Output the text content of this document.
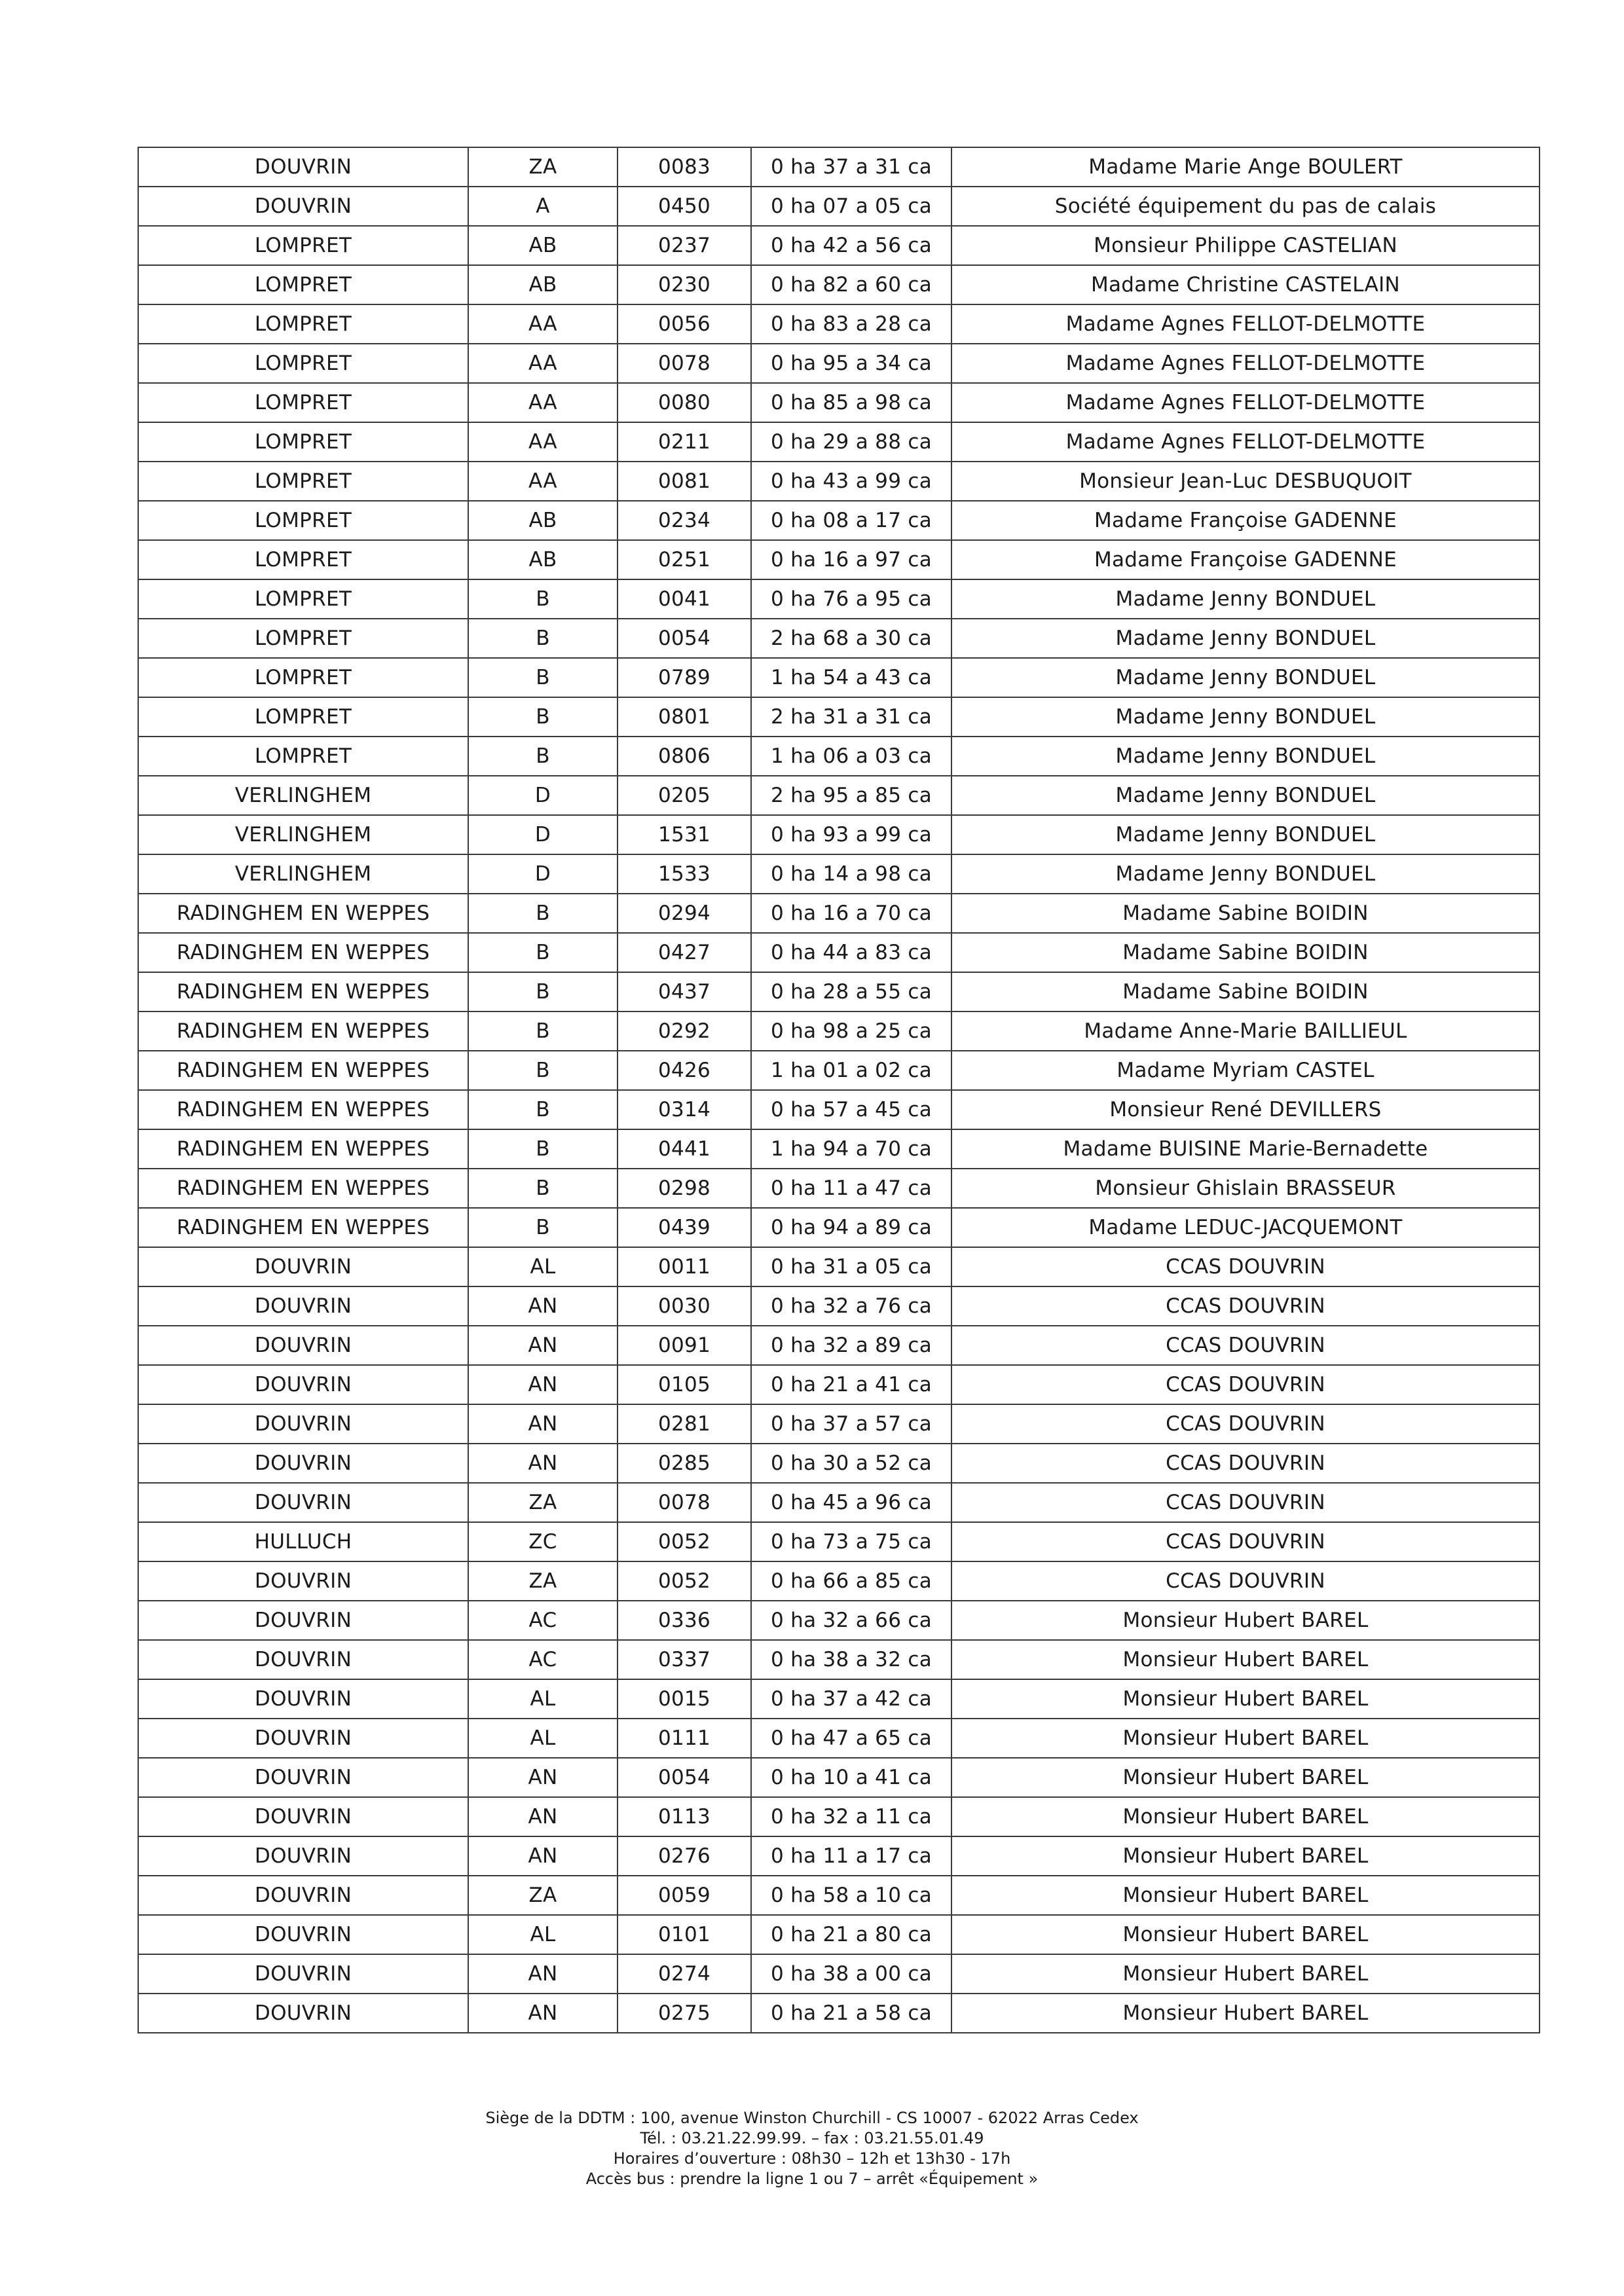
DOUVRIN	ZA	0083	0 ha 37 a 31 ca	Madame Marie Ange BOULERT
DOUVRIN	A	0450	0 ha 07 a 05 ca	Société équipement du pas de calais
LOMPRET	AB	0237	0 ha 42 a 56 ca	Monsieur Philippe CASTELIAN
LOMPRET	AB	0230	0 ha 82 a 60 ca	Madame Christine CASTELAIN
LOMPRET	AA	0056	0 ha 83 a 28 ca	Madame Agnes FELLOT-DELMOTTE
LOMPRET	AA	0078	0 ha 95 a 34 ca	Madame Agnes FELLOT-DELMOTTE
LOMPRET	AA	0080	0 ha 85 a 98 ca	Madame Agnes FELLOT-DELMOTTE
LOMPRET	AA	0211	0 ha 29 a 88 ca	Madame Agnes FELLOT-DELMOTTE
LOMPRET	AA	0081	0 ha 43 a 99 ca	Monsieur Jean-Luc DESBUQUOIT
LOMPRET	AB	0234	0 ha 08 a 17 ca	Madame Françoise GADENNE
LOMPRET	AB	0251	0 ha 16 a 97 ca	Madame Françoise GADENNE
LOMPRET	B	0041	0 ha 76 a 95 ca	Madame Jenny BONDUEL
LOMPRET	B	0054	2 ha 68 a 30 ca	Madame Jenny BONDUEL
LOMPRET	B	0789	1 ha 54 a 43 ca	Madame Jenny BONDUEL
LOMPRET	B	0801	2 ha 31 a 31 ca	Madame Jenny BONDUEL
LOMPRET	B	0806	1 ha 06 a 03 ca	Madame Jenny BONDUEL
VERLINGHEM	D	0205	2 ha 95 a 85 ca	Madame Jenny BONDUEL
VERLINGHEM	D	1531	0 ha 93 a 99 ca	Madame Jenny BONDUEL
VERLINGHEM	D	1533	0 ha 14 a 98 ca	Madame Jenny BONDUEL
RADINGHEM EN WEPPES	B	0294	0 ha 16 a 70 ca	Madame Sabine BOIDIN
RADINGHEM EN WEPPES	B	0427	0 ha 44 a 83 ca	Madame Sabine BOIDIN
RADINGHEM EN WEPPES	B	0437	0 ha 28 a 55 ca	Madame Sabine BOIDIN
RADINGHEM EN WEPPES	B	0292	0 ha 98 a 25 ca	Madame Anne-Marie BAILLIEUL
RADINGHEM EN WEPPES	B	0426	1 ha 01 a 02 ca	Madame Myriam CASTEL
RADINGHEM EN WEPPES	B	0314	0 ha 57 a 45 ca	Monsieur René DEVILLERS
RADINGHEM EN WEPPES	B	0441	1 ha 94 a 70 ca	Madame BUISINE Marie-Bernadette
RADINGHEM EN WEPPES	B	0298	0 ha 11 a 47 ca	Monsieur Ghislain BRASSEUR
RADINGHEM EN WEPPES	B	0439	0 ha 94 a 89 ca	Madame LEDUC-JACQUEMONT
DOUVRIN	AL	0011	0 ha 31 a 05 ca	CCAS DOUVRIN
DOUVRIN	AN	0030	0 ha 32 a 76 ca	CCAS DOUVRIN
DOUVRIN	AN	0091	0 ha 32 a 89 ca	CCAS DOUVRIN
DOUVRIN	AN	0105	0 ha 21 a 41 ca	CCAS DOUVRIN
DOUVRIN	AN	0281	0 ha 37 a 57 ca	CCAS DOUVRIN
DOUVRIN	AN	0285	0 ha 30 a 52 ca	CCAS DOUVRIN
DOUVRIN	ZA	0078	0 ha 45 a 96 ca	CCAS DOUVRIN
HULLUCH	ZC	0052	0 ha 73 a 75 ca	CCAS DOUVRIN
DOUVRIN	ZA	0052	0 ha 66 a 85 ca	CCAS DOUVRIN
DOUVRIN	AC	0336	0 ha 32 a 66 ca	Monsieur Hubert BAREL
DOUVRIN	AC	0337	0 ha 38 a 32 ca	Monsieur Hubert BAREL
DOUVRIN	AL	0015	0 ha 37 a 42 ca	Monsieur Hubert BAREL
DOUVRIN	AL	0111	0 ha 47 a 65 ca	Monsieur Hubert BAREL
DOUVRIN	AN	0054	0 ha 10 a 41 ca	Monsieur Hubert BAREL
DOUVRIN	AN	0113	0 ha 32 a 11 ca	Monsieur Hubert BAREL
DOUVRIN	AN	0276	0 ha 11 a 17 ca	Monsieur Hubert BAREL
DOUVRIN	ZA	0059	0 ha 58 a 10 ca	Monsieur Hubert BAREL
DOUVRIN	AL	0101	0 ha 21 a 80 ca	Monsieur Hubert BAREL
DOUVRIN	AN	0274	0 ha 38 a 00 ca	Monsieur Hubert BAREL
DOUVRIN	AN	0275	0 ha 21 a 58 ca	Monsieur Hubert BAREL
Siège de la DDTM : 100, avenue Winston Churchill - CS 10007 - 62022 Arras Cedex
Tél. : 03.21.22.99.99. – fax : 03.21.55.01.49
Horaires d’ouverture : 08h30 – 12h et 13h30 - 17h
Accès bus : prendre la ligne 1 ou 7 – arrêt «Équipement »
